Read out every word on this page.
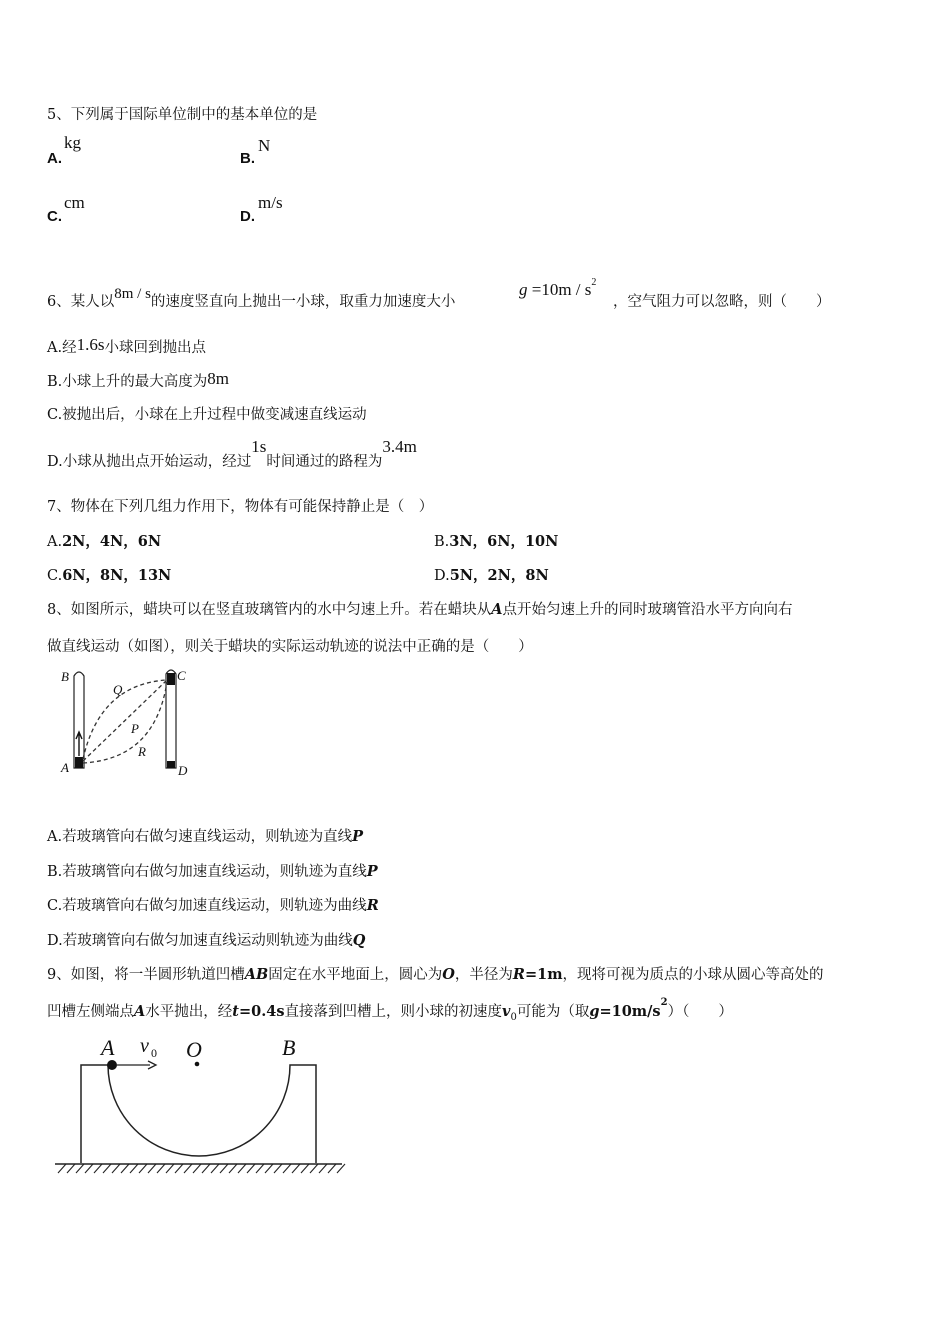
5、下列属于国际单位制中的基本单位的是
A.
kg
B.
N
C.
cm
D.
m/s
6、某人以8m / s的速度竖直向上抛出一小球，取重力加速度大小
$g =10m / s^2$
，空气阻力可以忽略，则（　　）
A.经1.6s小球回到抛出点
B.小球上升的最大高度为8m
C.被抛出后，小球在上升过程中做变减速直线运动
D.小球从抛出点开始运动，经过1s时间通过的路程为3.4m
7、物体在下列几组力作用下，物体有可能保持静止是（　）
A.2N，4N，6N	B.3N，6N，10N
C.6N，8N，13N	D.5N，2N，8N
8、如图所示，蜡块可以在竖直玻璃管内的水中匀速上升。若在蜡块从A点开始匀速上升的同时玻璃管沿水平方向向右
做直线运动（如图），则关于蜡块的实际运动轨迹的说法中正确的是（　　）
B	C
A	D
Q
P
R
A.若玻璃管向右做匀速直线运动，则轨迹为直线P
B.若玻璃管向右做匀加速直线运动，则轨迹为直线P
C.若玻璃管向右做匀加速直线运动，则轨迹为曲线R
D.若玻璃管向右做匀加速直线运动则轨迹为曲线Q
9、如图，将一半圆形轨道凹槽AB固定在水平地面上，圆心为O，半径为R=1m，现将可视为质点的小球从圆心等高处的
凹槽左侧端点A水平抛出，经t=0.4s直接落到凹槽上，则小球的初速度$v_0$可能为（取$g=10m/s^2$）（　　）
A v 0 O	B
